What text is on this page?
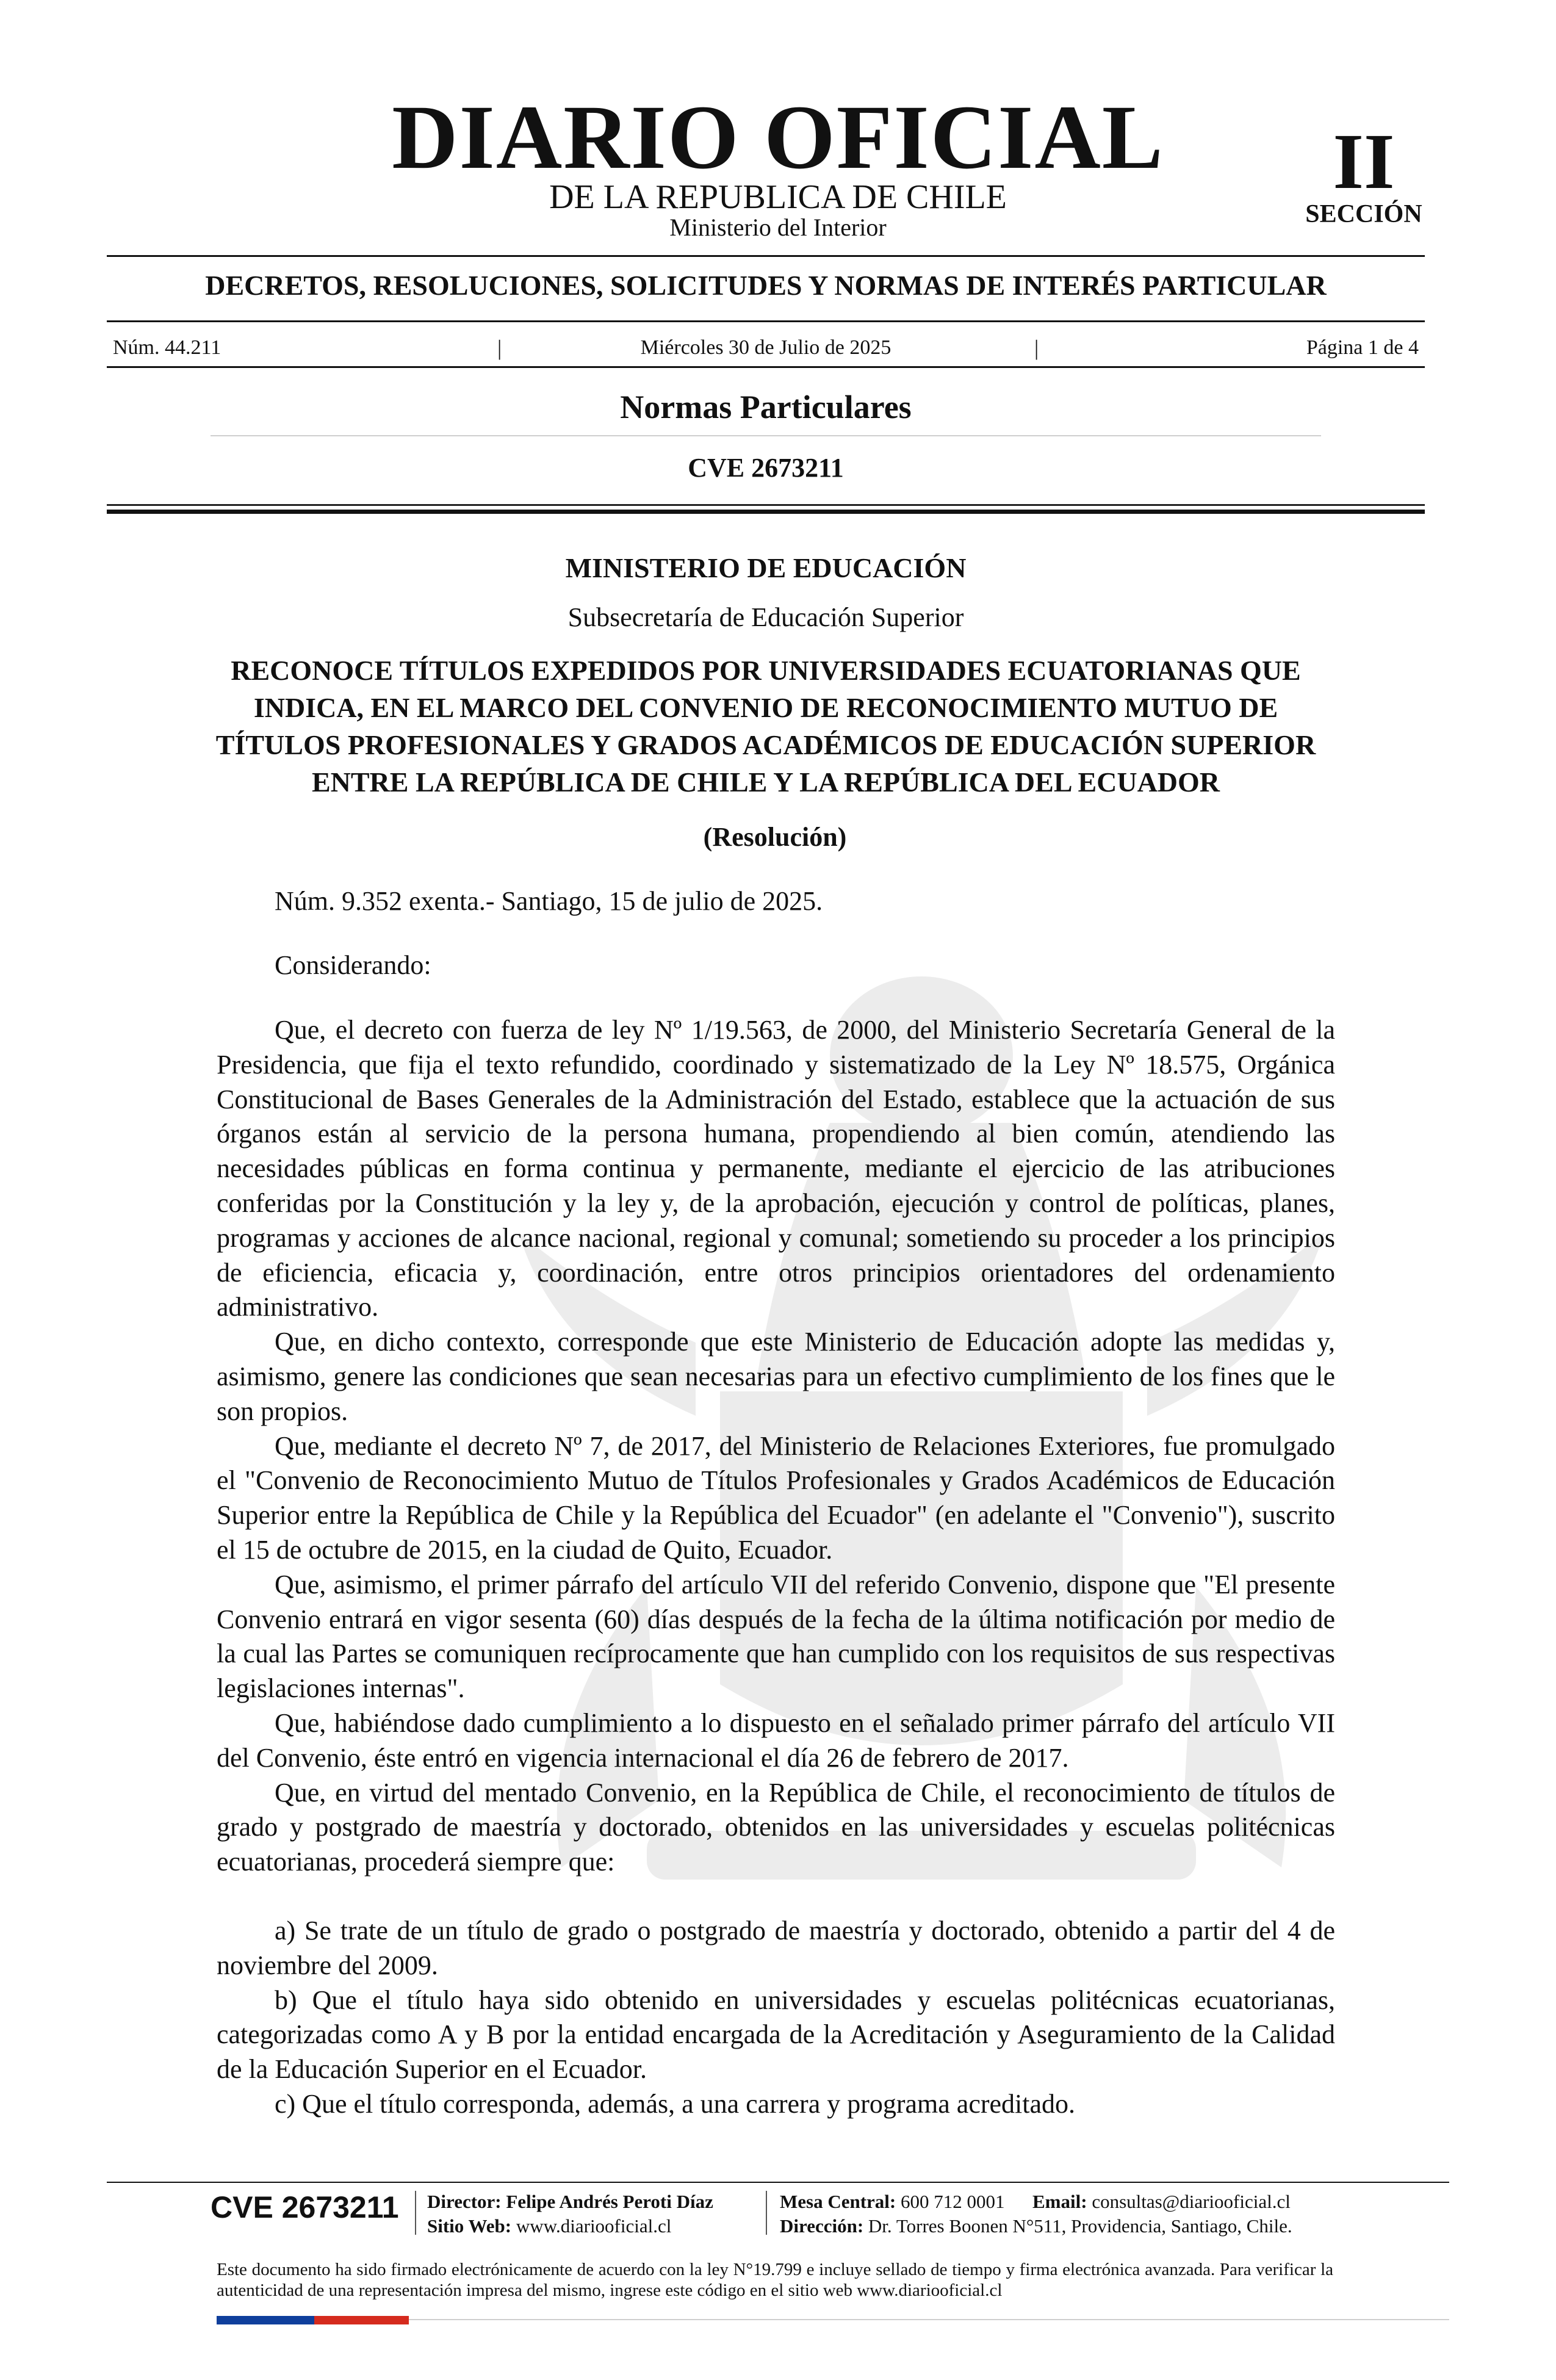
DIARIO OFICIAL
DE LA REPUBLICA DE CHILE
Ministerio del Interior
II
SECCIÓN
DECRETOS, RESOLUCIONES, SOLICITUDES Y NORMAS DE INTERÉS PARTICULAR
Núm. 44.211	|	Miércoles 30 de Julio de 2025	|	Página 1 de 4
Normas Particulares
CVE 2673211
MINISTERIO DE EDUCACIÓN
Subsecretaría de Educación Superior
RECONOCE TÍTULOS EXPEDIDOS POR UNIVERSIDADES ECUATORIANAS QUE INDICA, EN EL MARCO DEL CONVENIO DE RECONOCIMIENTO MUTUO DE TÍTULOS PROFESIONALES Y GRADOS ACADÉMICOS DE EDUCACIÓN SUPERIOR ENTRE LA REPÚBLICA DE CHILE Y LA REPÚBLICA DEL ECUADOR
(Resolución)
Núm. 9.352 exenta.- Santiago, 15 de julio de 2025.
Considerando:

Que, el decreto con fuerza de ley Nº 1/19.563, de 2000, del Ministerio Secretaría General de la Presidencia, que fija el texto refundido, coordinado y sistematizado de la Ley Nº 18.575, Orgánica Constitucional de Bases Generales de la Administración del Estado, establece que la actuación de sus órganos están al servicio de la persona humana, propendiendo al bien común, atendiendo las necesidades públicas en forma continua y permanente, mediante el ejercicio de las atribuciones conferidas por la Constitución y la ley y, de la aprobación, ejecución y control de políticas, planes, programas y acciones de alcance nacional, regional y comunal; sometiendo su proceder a los principios de eficiencia, eficacia y, coordinación, entre otros principios orientadores del ordenamiento administrativo.

Que, en dicho contexto, corresponde que este Ministerio de Educación adopte las medidas y, asimismo, genere las condiciones que sean necesarias para un efectivo cumplimiento de los fines que le son propios.

Que, mediante el decreto Nº 7, de 2017, del Ministerio de Relaciones Exteriores, fue promulgado el "Convenio de Reconocimiento Mutuo de Títulos Profesionales y Grados Académicos de Educación Superior entre la República de Chile y la República del Ecuador" (en adelante el "Convenio"), suscrito el 15 de octubre de 2015, en la ciudad de Quito, Ecuador.

Que, asimismo, el primer párrafo del artículo VII del referido Convenio, dispone que "El presente Convenio entrará en vigor sesenta (60) días después de la fecha de la última notificación por medio de la cual las Partes se comuniquen recíprocamente que han cumplido con los requisitos de sus respectivas legislaciones internas".

Que, habiéndose dado cumplimiento a lo dispuesto en el señalado primer párrafo del artículo VII del Convenio, éste entró en vigencia internacional el día 26 de febrero de 2017.

Que, en virtud del mentado Convenio, en la República de Chile, el reconocimiento de títulos de grado y postgrado de maestría y doctorado, obtenidos en las universidades y escuelas politécnicas ecuatorianas, procederá siempre que:

a) Se trate de un título de grado o postgrado de maestría y doctorado, obtenido a partir del 4 de noviembre del 2009.

b) Que el título haya sido obtenido en universidades y escuelas politécnicas ecuatorianas, categorizadas como A y B por la entidad encargada de la Acreditación y Aseguramiento de la Calidad de la Educación Superior en el Ecuador.

c) Que el título corresponda, además, a una carrera y programa acreditado.

CVE 2673211 Director: Felipe Andrés Peroti Díaz
Sitio Web: www.diariooficial.cl
Mesa Central: 600 712 0001 Email: consultas@diariooficial.cl
Dirección: Dr. Torres Boonen N°511, Providencia, Santiago, Chile.
Este documento ha sido firmado electrónicamente de acuerdo con la ley N°19.799 e incluye sellado de tiempo y firma electrónica avanzada. Para verificar la autenticidad de una representación impresa del mismo, ingrese este código en el sitio web www.diariooficial.cl
